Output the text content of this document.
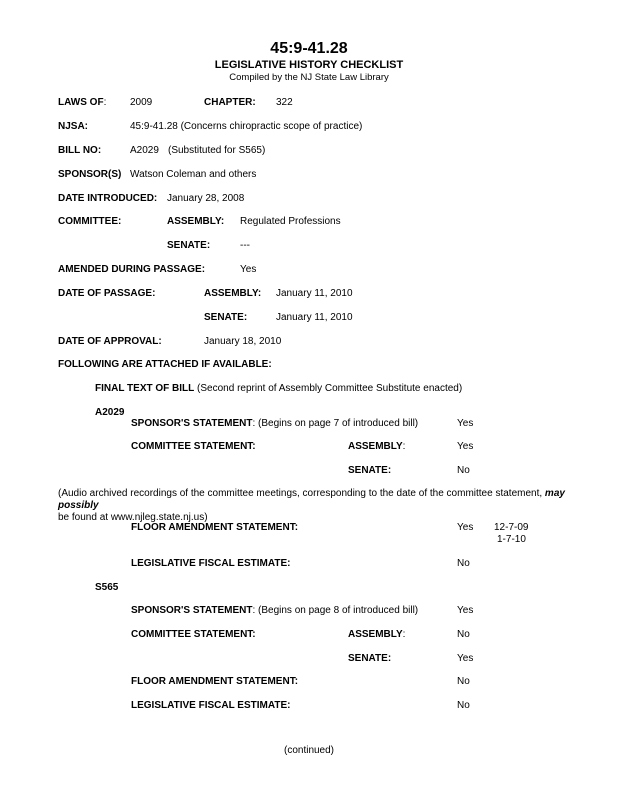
45:9-41.28
LEGISLATIVE HISTORY CHECKLIST
Compiled by the NJ State Law Library
LAWS OF: 2009	CHAPTER: 322
NJSA:	45:9-41.28 (Concerns chiropractic scope of practice)
BILL NO:	A2029 (Substituted for S565)
SPONSOR(S) Watson Coleman and others
DATE INTRODUCED: January 28, 2008
COMMITTEE:	ASSEMBLY: Regulated Professions
SENATE:	---
AMENDED DURING PASSAGE:	Yes
DATE OF PASSAGE:	ASSEMBLY: January 11, 2010
SENATE:	January 11, 2010
DATE OF APPROVAL:	January 18, 2010
FOLLOWING ARE ATTACHED IF AVAILABLE:
FINAL TEXT OF BILL (Second reprint of Assembly Committee Substitute enacted)
A2029
SPONSOR'S STATEMENT: (Begins on page 7 of introduced bill)	Yes
COMMITTEE STATEMENT:	ASSEMBLY:	Yes
SENATE:	No
(Audio archived recordings of the committee meetings, corresponding to the date of the committee statement, may possibly
be found at www.njleg.state.nj.us)
FLOOR AMENDMENT STATEMENT:	Yes 12-7-09
1-7-10
LEGISLATIVE FISCAL ESTIMATE:	No
S565
SPONSOR'S STATEMENT: (Begins on page 8 of introduced bill)	Yes
COMMITTEE STATEMENT:	ASSEMBLY:	No
SENATE:	Yes
FLOOR AMENDMENT STATEMENT:	No
LEGISLATIVE FISCAL ESTIMATE:	No
(continued)
